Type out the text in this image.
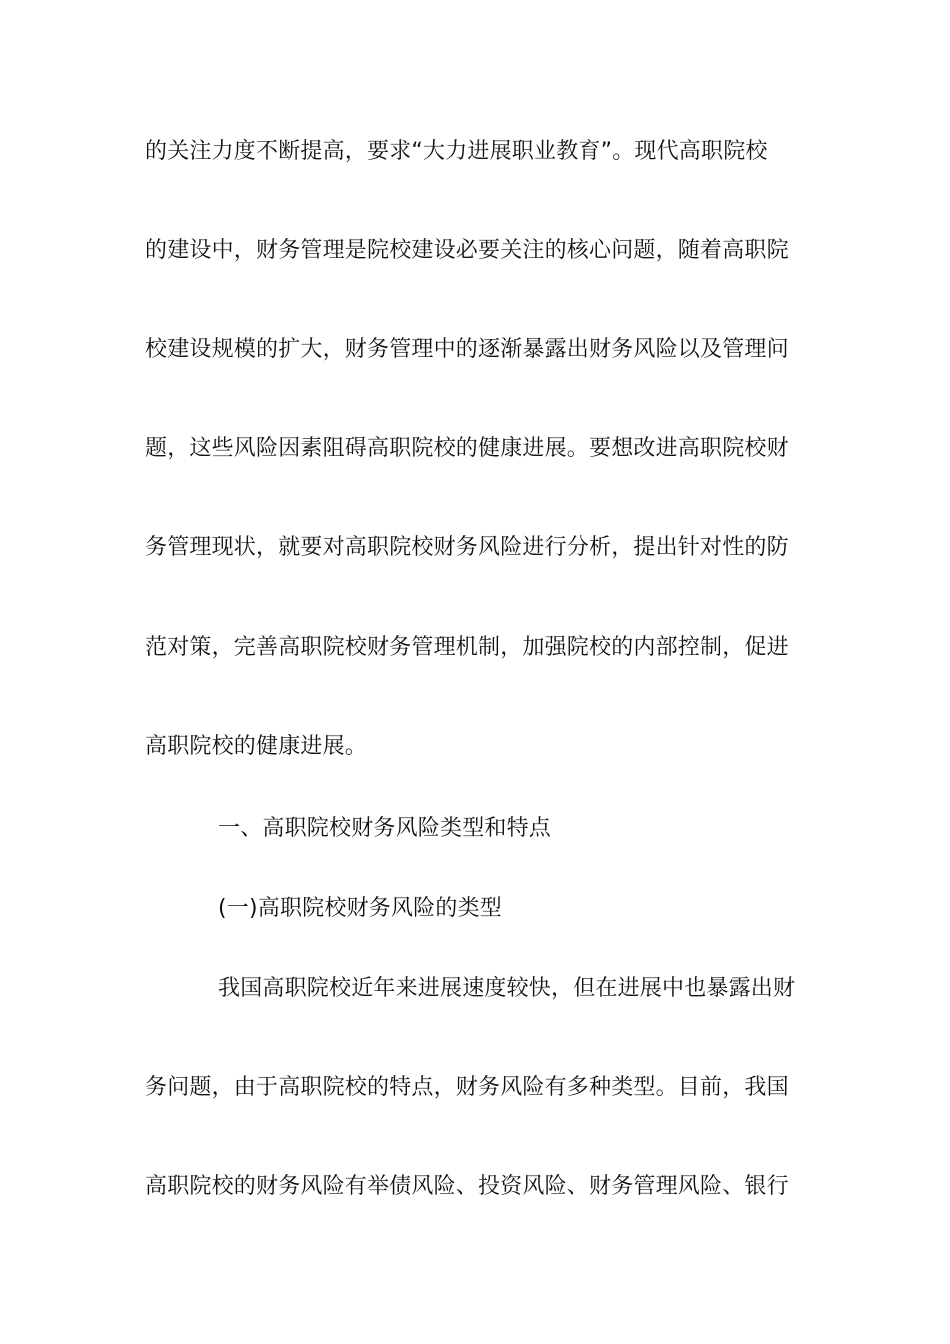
的关注力度不断提高，要求“大力进展职业教育”。现代高职院校
的建设中，财务管理是院校建设必要关注的核心问题，随着高职院
校建设规模的扩大，财务管理中的逐渐暴露出财务风险以及管理问
题，这些风险因素阻碍高职院校的健康进展。要想改进高职院校财
务管理现状，就要对高职院校财务风险进行分析，提出针对性的防
范对策，完善高职院校财务管理机制，加强院校的内部控制，促进
高职院校的健康进展。
一、高职院校财务风险类型和特点
(一)高职院校财务风险的类型
我国高职院校近年来进展速度较快，但在进展中也暴露出财
务问题，由于高职院校的特点，财务风险有多种类型。目前，我国
高职院校的财务风险有举债风险、投资风险、财务管理风险、银行
